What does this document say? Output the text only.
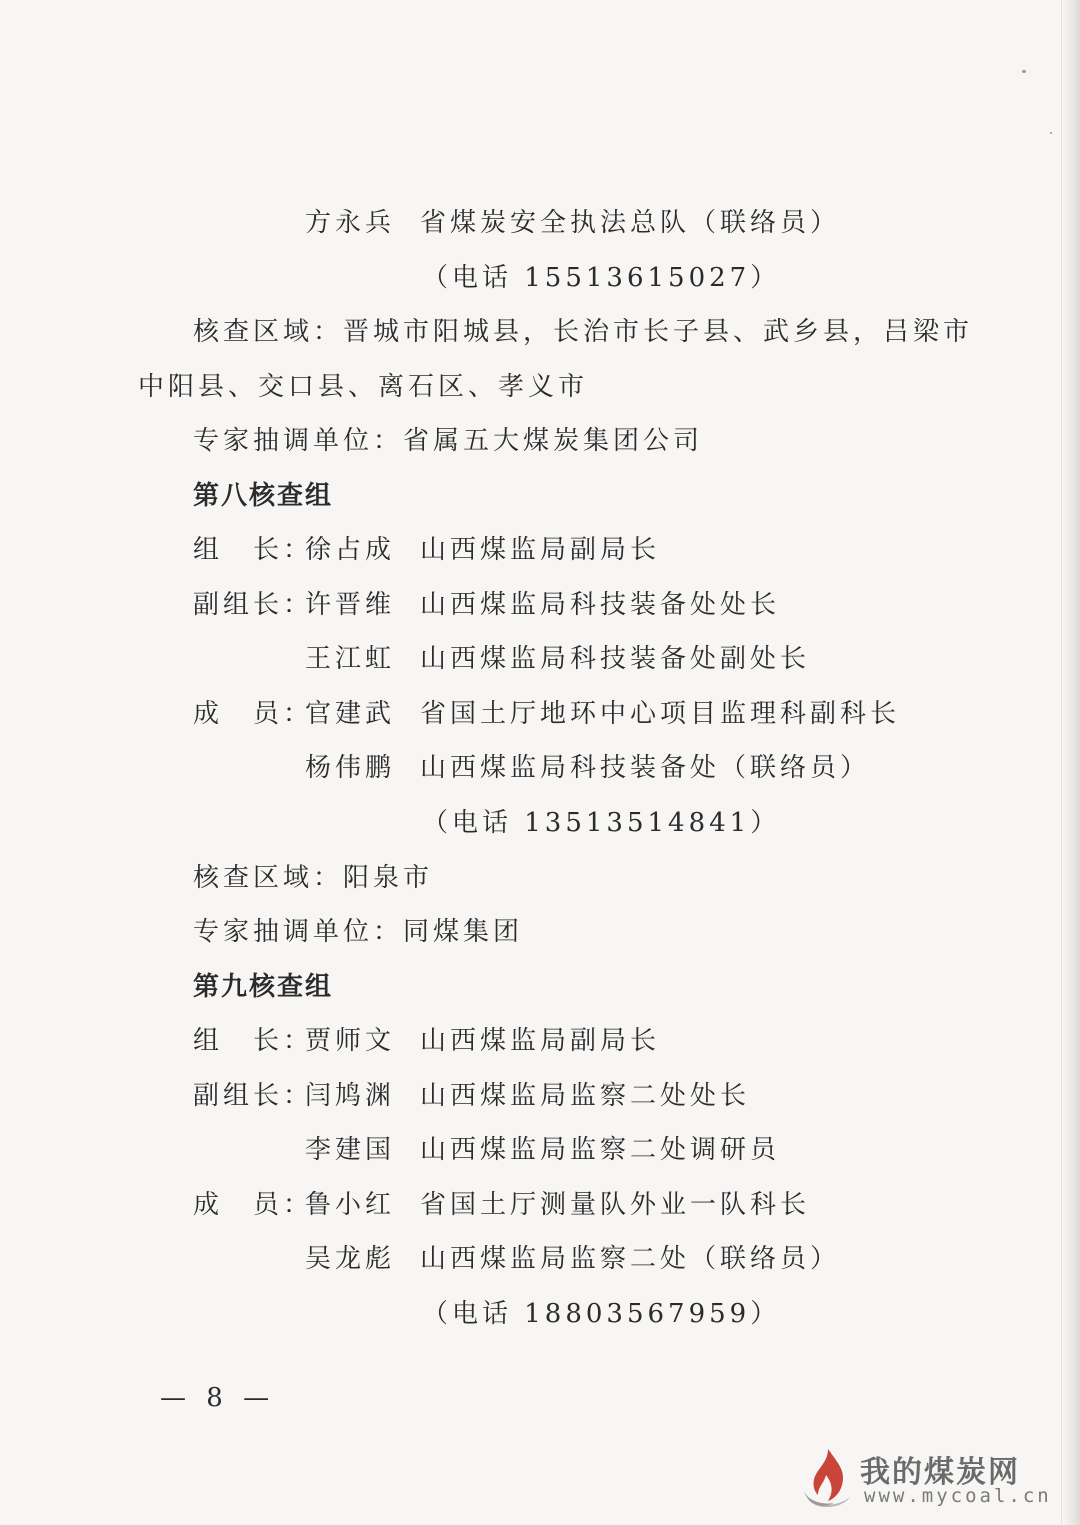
方永兵 省煤炭安全执法总队（联络员）
（电话 15513615027）
核查区域：晋城市阳城县，长治市长子县、武乡县，吕梁市
中阳县、交口县、离石区、孝义市
专家抽调单位：省属五大煤炭集团公司
第八核查组
组　长：
徐占成 山西煤监局副局长
副组长：
许晋维 山西煤监局科技装备处处长
王江虹 山西煤监局科技装备处副处长
成　员：
官建武 省国土厅地环中心项目监理科副科长
杨伟鹏 山西煤监局科技装备处（联络员）
（电话 13513514841）
核查区域：阳泉市
专家抽调单位：同煤集团
第九核查组
组　长：
贾师文 山西煤监局副局长
副组长：
闫鸠渊 山西煤监局监察二处处长
李建国 山西煤监局监察二处调研员
成　员：
鲁小红 省国土厅测量队外业一队科长
吴龙彪 山西煤监局监察二处（联络员）
（电话 18803567959）
— 8 —
我的煤炭网
www.mycoal.cn
